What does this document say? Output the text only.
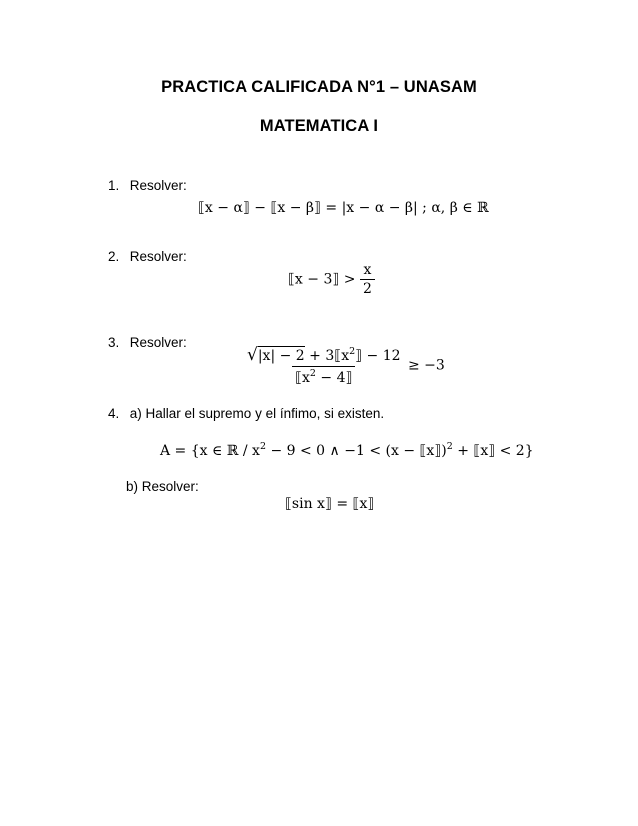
PRACTICA CALIFICADA N°1 – UNASAM
MATEMATICA I
1. Resolver:
⟦x − α⟧ − ⟦x − β⟧ = |x − α − β| ; α, β ∈ ℝ
2. Resolver:
⟦x − 3⟧ > $\frac{x}{2}$
3. Resolver:
$\frac{√|x| - 2 + 3⟦x^2⟧ - 12}{⟦x^2 - 4⟧} \ge -3$
4. a) Hallar el supremo y el ínfimo, si existen.
A = {x ∈ ℝ / $x^2 - 9 < 0$ ∧ −1 < (x − ⟦x⟧)$^2$ + ⟦x⟧ < 2}
b) Resolver:
⟦sin x⟧ = ⟦x⟧
